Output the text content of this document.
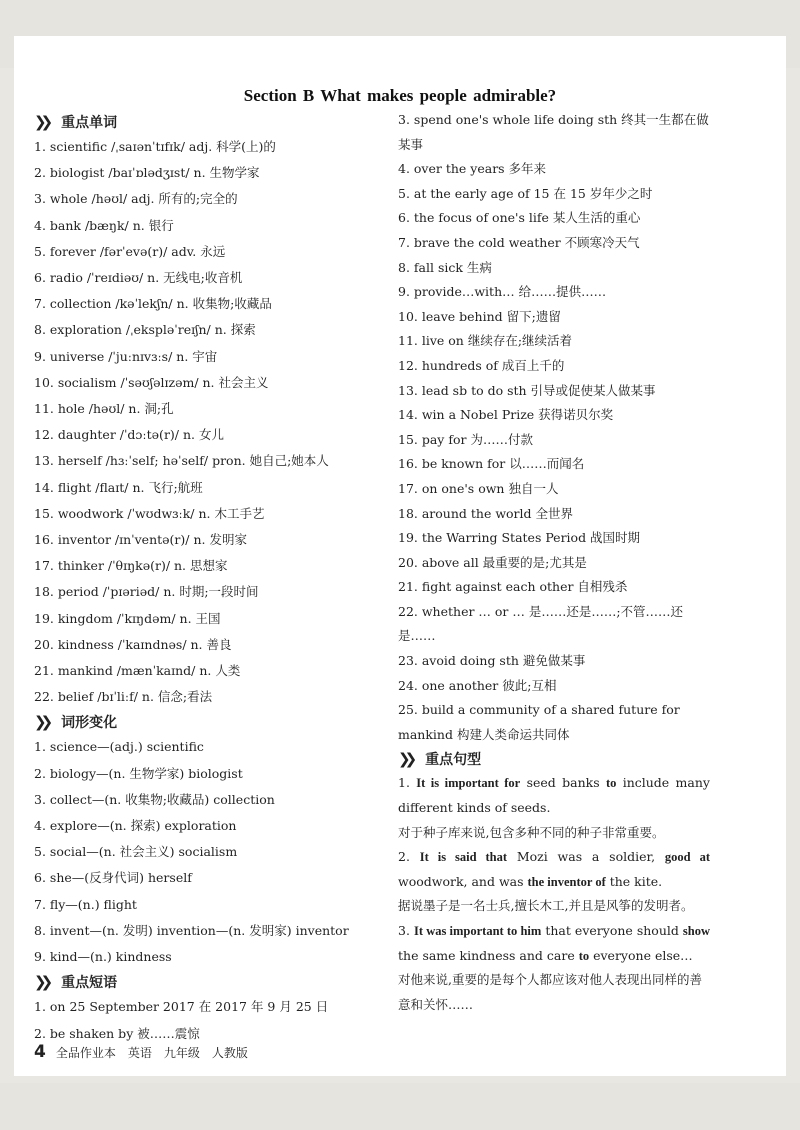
Section B What makes people admirable?
❯❯ 重点单词
1. scientific /ˌsaɪənˈtɪfɪk/ adj. 科学(上)的
2. biologist /baɪˈɒlədʒɪst/ n. 生物学家
3. whole /həʊl/ adj. 所有的;完全的
4. bank /bæŋk/ n. 银行
5. forever /fərˈevə(r)/ adv. 永远
6. radio /ˈreɪdiəʊ/ n. 无线电;收音机
7. collection /kəˈlekʃn/ n. 收集物;收藏品
8. exploration /ˌekspləˈreɪʃn/ n. 探索
9. universe /ˈjuːnɪvɜːs/ n. 宇宙
10. socialism /ˈsəʊʃəlɪzəm/ n. 社会主义
11. hole /həʊl/ n. 洞;孔
12. daughter /ˈdɔːtə(r)/ n. 女儿
13. herself /hɜːˈself; həˈself/ pron. 她自己;她本人
14. flight /flaɪt/ n. 飞行;航班
15. woodwork /ˈwʊdwɜːk/ n. 木工手艺
16. inventor /ɪnˈventə(r)/ n. 发明家
17. thinker /ˈθɪŋkə(r)/ n. 思想家
18. period /ˈpɪəriəd/ n. 时期;一段时间
19. kingdom /ˈkɪŋdəm/ n. 王国
20. kindness /ˈkaɪndnəs/ n. 善良
21. mankind /mænˈkaɪnd/ n. 人类
22. belief /bɪˈliːf/ n. 信念;看法
❯❯ 词形变化
1. science—(adj.) scientific
2. biology—(n. 生物学家) biologist
3. collect—(n. 收集物;收藏品) collection
4. explore—(n. 探索) exploration
5. social—(n. 社会主义) socialism
6. she—(反身代词) herself
7. fly—(n.) flight
8. invent—(n. 发明) invention—(n. 发明家) inventor
9. kind—(n.) kindness
❯❯ 重点短语
1. on 25 September 2017 在 2017 年 9 月 25 日
2. be shaken by 被……震惊
3. spend one's whole life doing sth 终其一生都在做某事
4. over the years 多年来
5. at the early age of 15 在 15 岁年少之时
6. the focus of one's life 某人生活的重心
7. brave the cold weather 不顾寒冷天气
8. fall sick 生病
9. provide…with… 给……提供……
10. leave behind 留下;遗留
11. live on 继续存在;继续活着
12. hundreds of 成百上千的
13. lead sb to do sth 引导或促使某人做某事
14. win a Nobel Prize 获得诺贝尔奖
15. pay for 为……付款
16. be known for 以……而闻名
17. on one's own 独自一人
18. around the world 全世界
19. the Warring States Period 战国时期
20. above all 最重要的是;尤其是
21. fight against each other 自相残杀
22. whether … or … 是……还是……;不管……还是……
23. avoid doing sth 避免做某事
24. one another 彼此;互相
25. build a community of a shared future for mankind 构建人类命运共同体
❯❯ 重点句型
1. It is important for seed banks to include many different kinds of seeds.
对于种子库来说,包含多种不同的种子非常重要。
2. It is said that Mozi was a soldier, good at woodwork, and was the inventor of the kite.
据说墨子是一名士兵,擅长木工,并且是风筝的发明者。
3. It was important to him that everyone should show the same kindness and care to everyone else…
对他来说,重要的是每个人都应该对他人表现出同样的善意和关怀……
4 全品作业本 英语 九年级 人教版
